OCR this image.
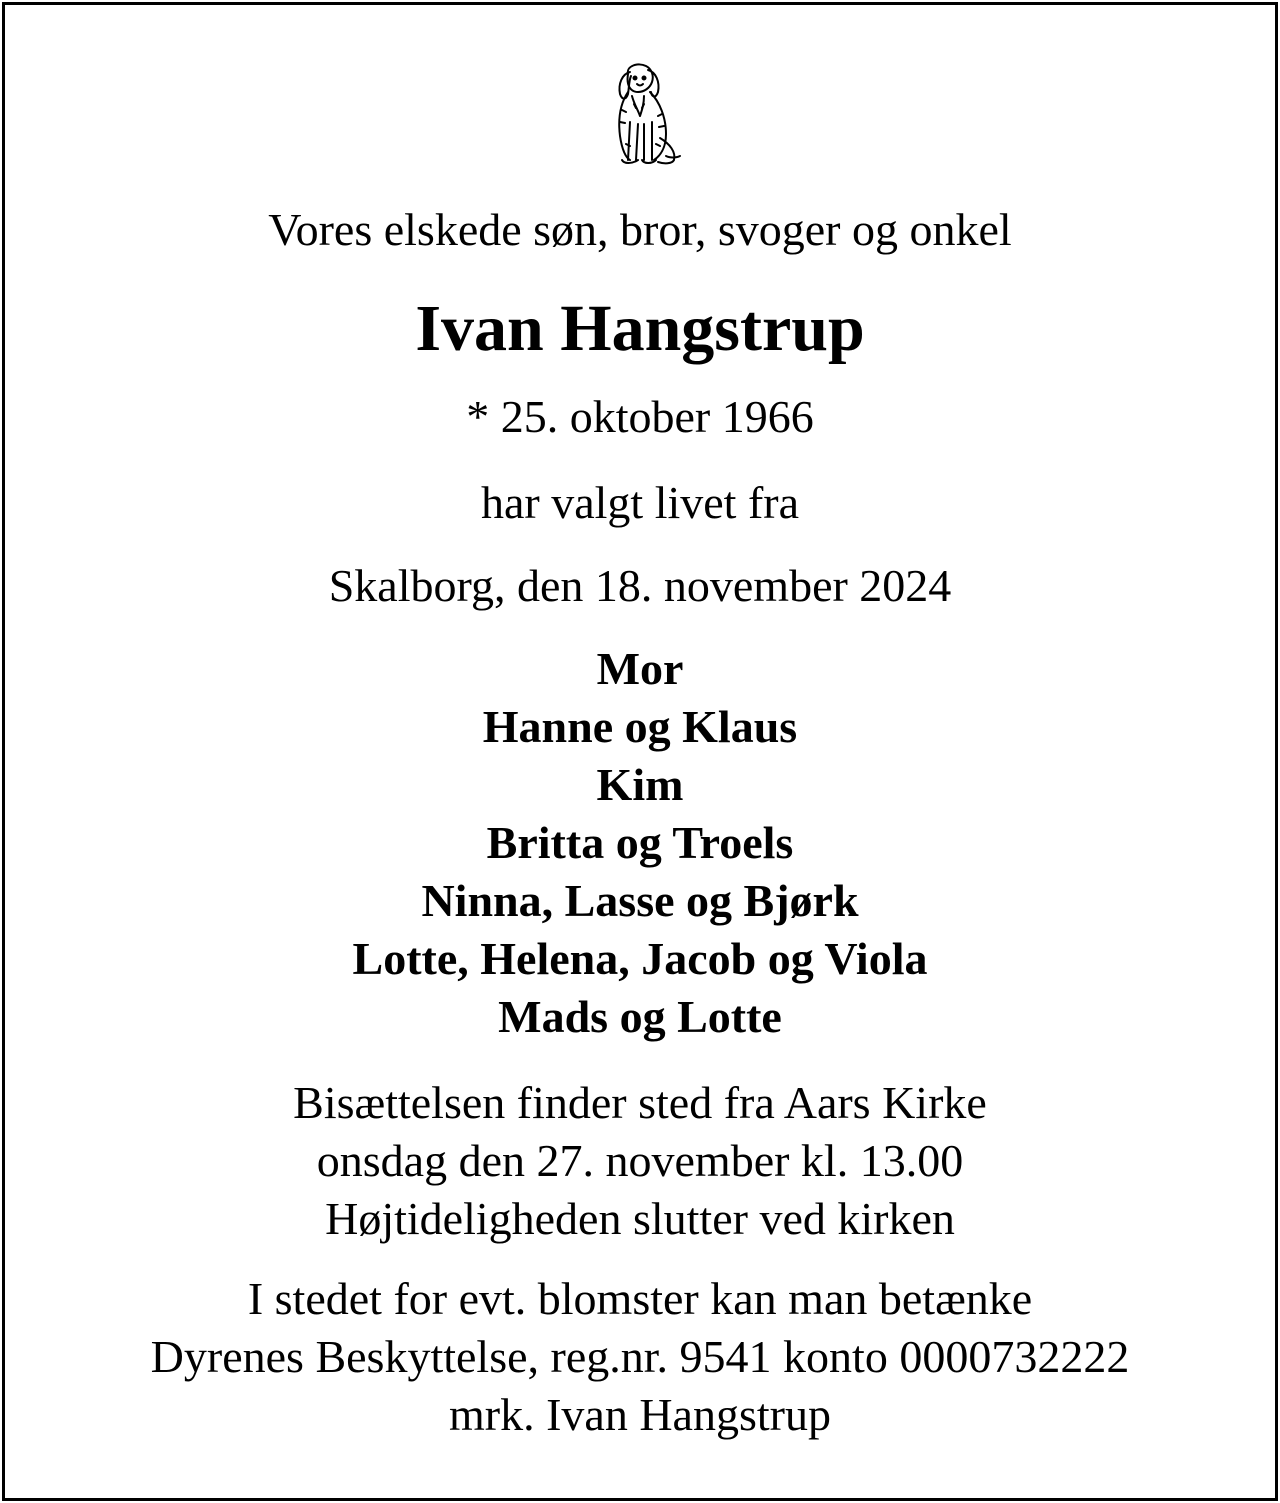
Vores elskede søn, bror, svoger og onkel
Ivan Hangstrup
* 25. oktober 1966
har valgt livet fra
Skalborg, den 18. november 2024
Mor
Hanne og Klaus
Kim
Britta og Troels
Ninna, Lasse og Bjørk
Lotte, Helena, Jacob og Viola
Mads og Lotte
Bisættelsen finder sted fra Aars Kirke
onsdag den 27. november kl. 13.00
Højtideligheden slutter ved kirken
I stedet for evt. blomster kan man betænke
Dyrenes Beskyttelse, reg.nr. 9541 konto 0000732222
mrk. Ivan Hangstrup
